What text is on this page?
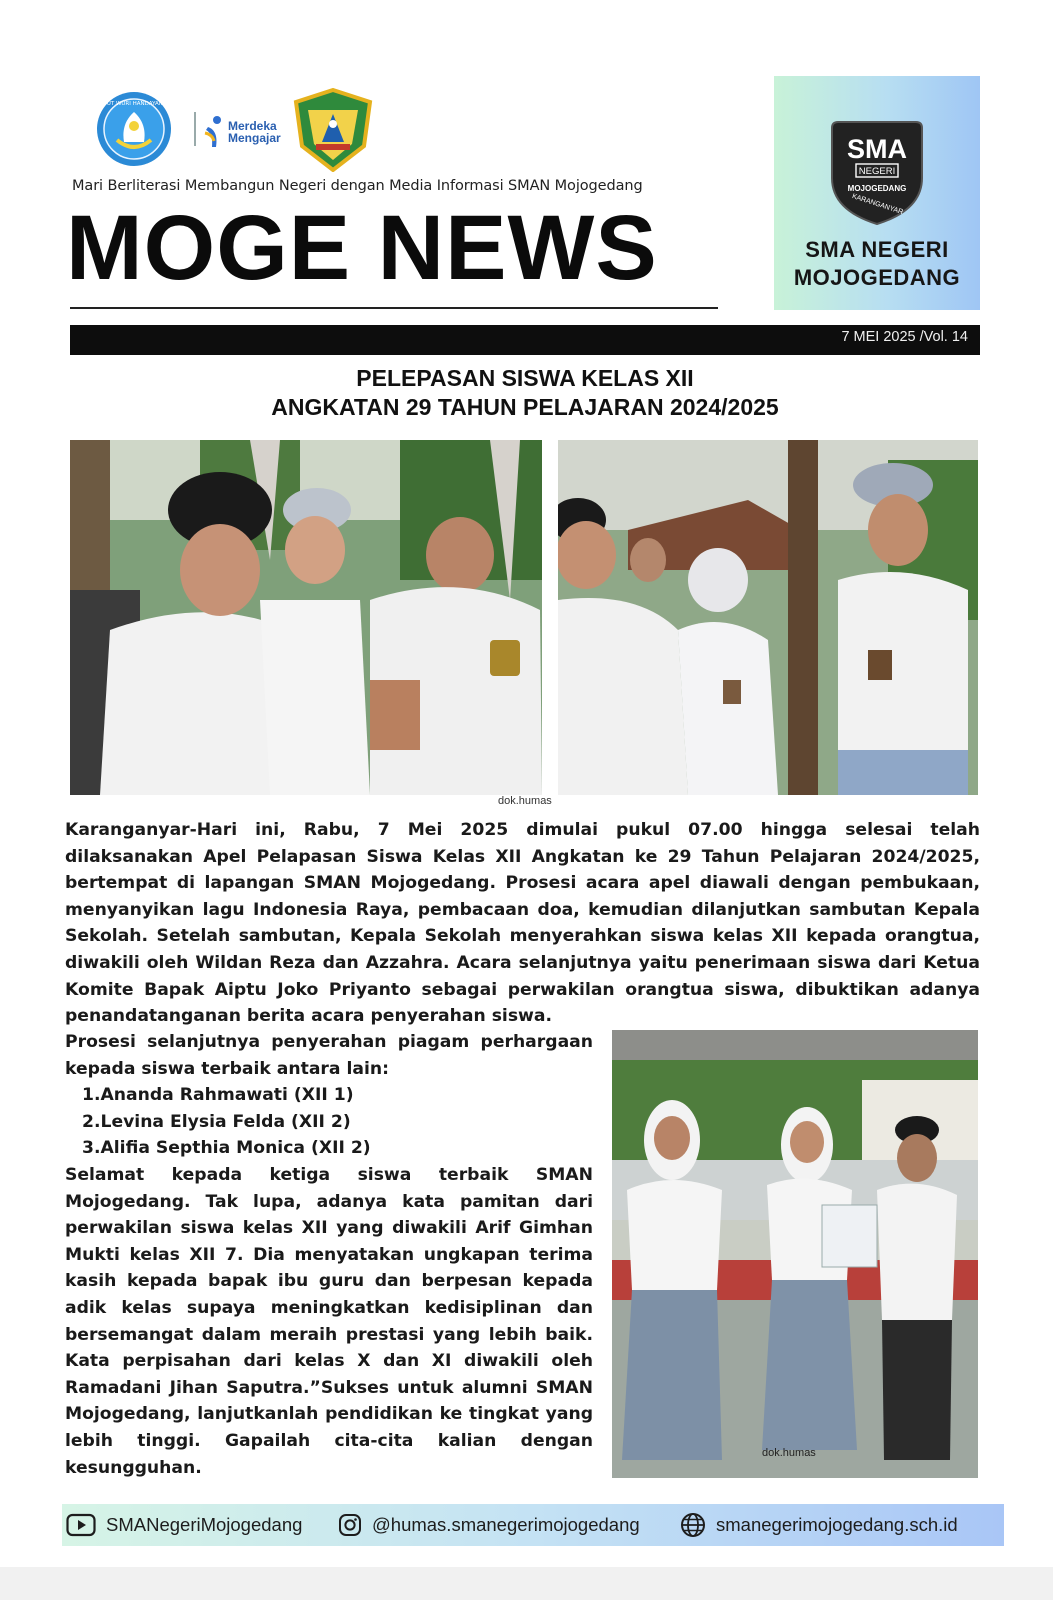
TUT WURI HANDAYANI
Merdeka
Mengajar
Mari Berliterasi Membangun Negeri dengan Media Informasi SMAN Mojogedang
MOGE NEWS
SMA
NEGERI
MOJOGEDANG
KARANGANYAR
SMA NEGERI
MOJOGEDANG
7 MEI 2025 /Vol. 14
PELEPASAN SISWA KELAS XII
ANGKATAN 29 TAHUN PELAJARAN 2024/2025
dok.humas
Karanganyar-Hari ini, Rabu, 7 Mei 2025 dimulai pukul 07.00 hingga selesai telah dilaksanakan Apel Pelapasan Siswa Kelas XII Angkatan ke 29 Tahun Pelajaran 2024/2025, bertempat di lapangan SMAN Mojogedang. Prosesi acara apel diawali dengan pembukaan, menyanyikan lagu Indonesia Raya, pembacaan doa, kemudian dilanjutkan sambutan Kepala Sekolah. Setelah sambutan, Kepala Sekolah menyerahkan siswa kelas XII kepada orangtua, diwakili oleh Wildan Reza dan Azzahra. Acara selanjutnya yaitu penerimaan siswa dari Ketua Komite Bapak Aiptu Joko Priyanto sebagai perwakilan orangtua siswa, dibuktikan adanya penandatanganan berita acara penyerahan siswa.
Prosesi selanjutnya penyerahan piagam perhargaan kepada siswa terbaik antara lain:
1.Ananda Rahmawati (XII 1)
2.Levina Elysia Felda (XII 2)
3.Alifia Septhia Monica (XII 2)
Selamat kepada ketiga siswa terbaik SMAN Mojogedang. Tak lupa, adanya kata pamitan dari perwakilan siswa kelas XII yang diwakili Arif Gimhan Mukti kelas XII 7. Dia menyatakan ungkapan terima kasih kepada bapak ibu guru dan berpesan kepada adik kelas supaya meningkatkan kedisiplinan dan bersemangat dalam meraih prestasi yang lebih baik. Kata perpisahan dari kelas X dan XI diwakili oleh Ramadani Jihan Saputra.”Sukses untuk alumni SMAN Mojogedang, lanjutkanlah pendidikan ke tingkat yang lebih tinggi. Gapailah cita-cita kalian dengan kesungguhan.
dok.humas
SMANegeriMojogedang	@humas.smanegerimojogedang	smanegerimojogedang.sch.id
